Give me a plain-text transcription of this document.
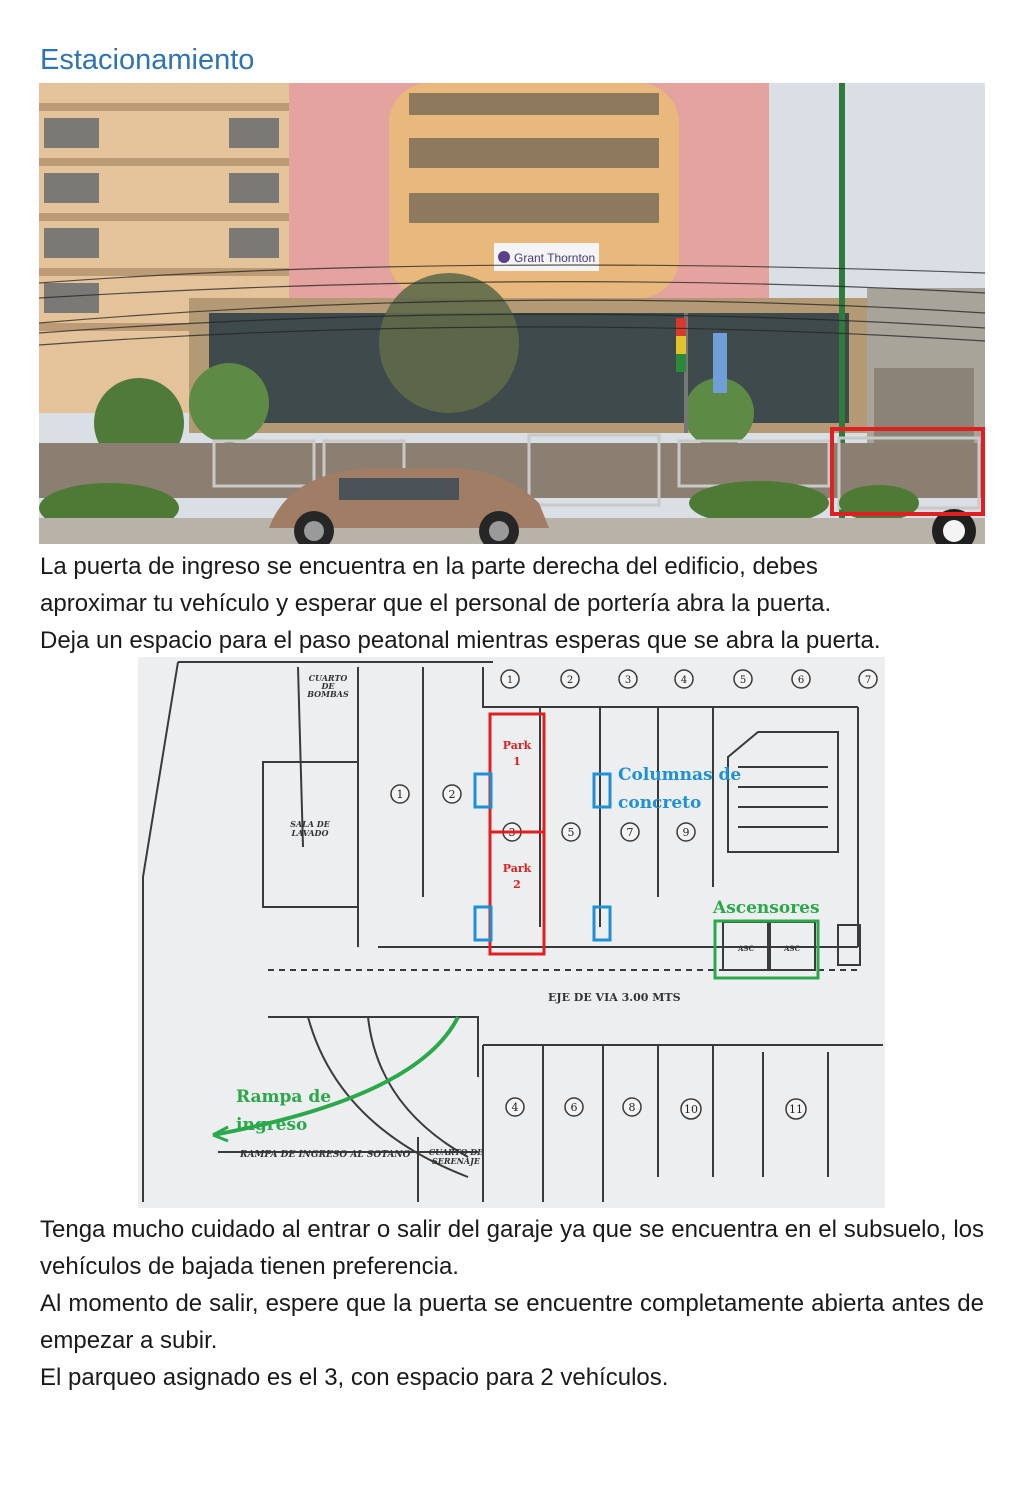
Estacionamiento
Grant Thornton
La puerta de ingreso se encuentra en la parte derecha del edificio, debes
aproximar tu vehículo y esperar que el personal de portería abra la puerta.
Deja un espacio para el paso peatonal mientras esperas que se abra la puerta.
1	2	3	4	5	6	7
1	2
3	5	7	9
4	6	8	10	11
CUARTO
DE
BOMBAS
SALA DE
LAVADO
CUARTO DE
SERENAJE
RAMPA DE INGRESO AL SOTANO
EJE DE VIA 3.00 MTS
ASC	ASC
Park
1
Park
2
Columnas de
concreto
Ascensores
Rampa de
ingreso

Tenga mucho cuidado al entrar o salir del garaje ya que se encuentra en el subsuelo, los vehículos de bajada tienen preferencia.

Al momento de salir, espere que la puerta se encuentre completamente abierta antes de empezar a subir.

El parqueo asignado es el 3, con espacio para 2 vehículos.
